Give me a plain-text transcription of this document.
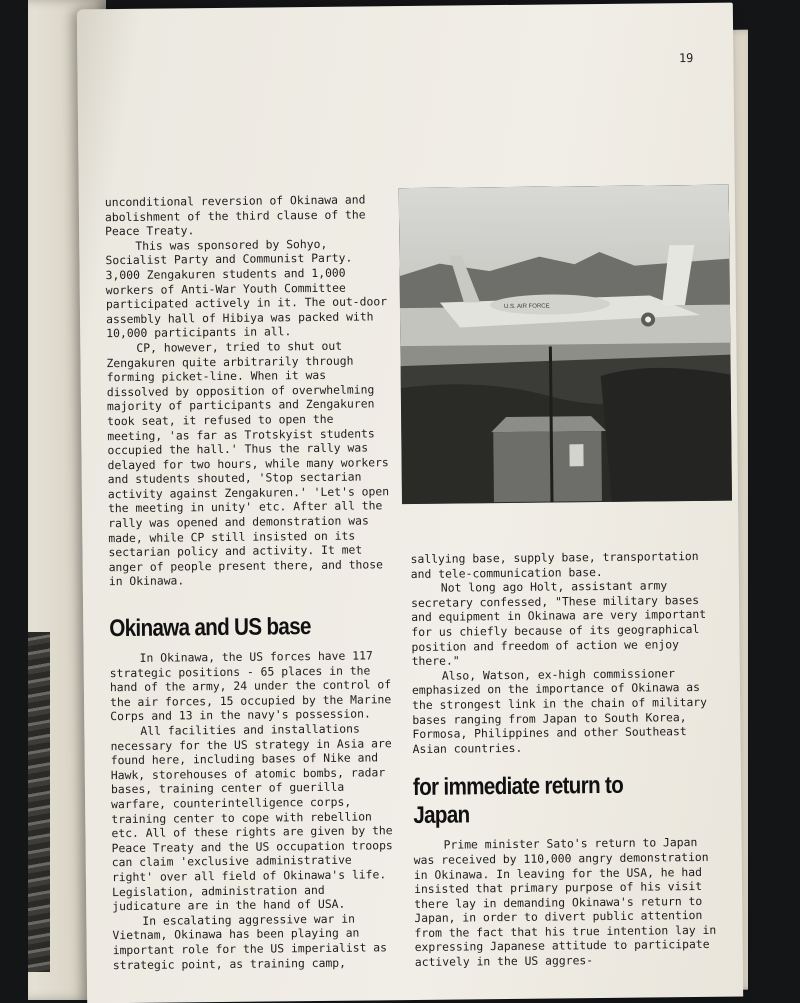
19

unconditional reversion of Okinawa and abolishment of the third clause of the Peace Treaty.

This was sponsored by Sohyo, Socialist Party and Communist Party. 3,000 Zengakuren students and 1,000 workers of Anti-War Youth Committee participated actively in it. The out-door assembly hall of Hibiya was packed with 10,000 participants in all.

CP, however, tried to shut out Zengakuren quite arbitrarily through forming picket-line. When it was dissolved by opposition of overwhelming majority of participants and Zengakuren took seat, it refused to open the meeting, 'as far as Trotskyist students occupied the hall.' Thus the rally was delayed for two hours, while many workers and students shouted, 'Stop sectarian activity against Zengakuren.' 'Let's open the meeting in unity' etc. After all the rally was opened and demonstration was made, while CP still insisted on its sectarian policy and activity. It met anger of people present there, and those in Okinawa.

Okinawa and US base

In Okinawa, the US forces have 117 strategic positions - 65 places in the hand of the army, 24 under the control of the air forces, 15 occupied by the Marine Corps and 13 in the navy's possession.

All facilities and installations necessary for the US strategy in Asia are found here, including bases of Nike and Hawk, storehouses of atomic bombs, radar bases, training center of guerilla warfare, counterintelligence corps, training center to cope with rebellion etc. All of these rights are given by the Peace Treaty and the US occupation troops can claim 'exclusive administrative right' over all field of Okinawa's life. Legislation, administration and judicature are in the hand of USA.

In escalating aggressive war in Vietnam, Okinawa has been playing an important role for the US imperialist as strategic point, as training camp,

U.S. AIR FORCE

sallying base, supply base, transportation and tele-communication base.

Not long ago Holt, assistant army secretary confessed, "These military bases and equipment in Okinawa are very important for us chiefly because of its geographical position and freedom of action we enjoy there."

Also, Watson, ex-high commissioner emphasized on the importance of Okinawa as the strongest link in the chain of military bases ranging from Japan to South Korea, Formosa, Philippines and other Southeast Asian countries.

for immediate return to Japan

Prime minister Sato's return to Japan was received by 110,000 angry demonstration in Okinawa. In leaving for the USA, he had insisted that primary purpose of his visit there lay in demanding Okinawa's return to Japan, in order to divert public attention from the fact that his true intention lay in expressing Japanese attitude to participate actively in the US aggres-
